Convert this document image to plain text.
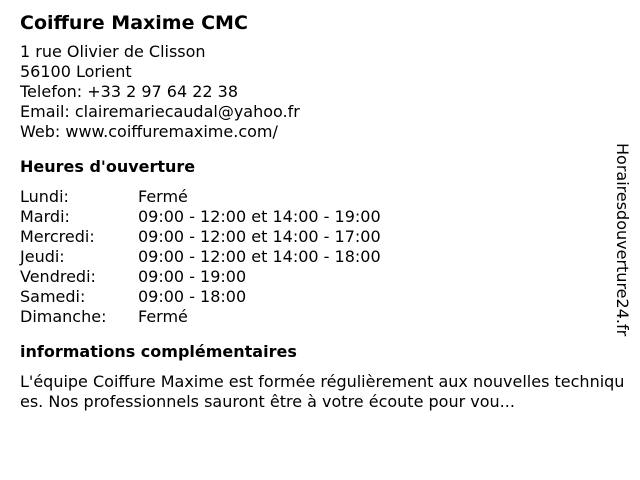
Coiffure Maxime CMC
1 rue Olivier de Clisson
56100 Lorient
Telefon: +33 2 97 64 22 38
Email: clairemariecaudal@yahoo.fr
Web: www.coiffuremaxime.com/
Heures d'ouverture
Lundi:	Fermé
Mardi:	09:00 - 12:00 et 14:00 - 19:00
Mercredi:	09:00 - 12:00 et 14:00 - 17:00
Jeudi:	09:00 - 12:00 et 14:00 - 18:00
Vendredi:	09:00 - 19:00
Samedi:	09:00 - 18:00
Dimanche:	Fermé
informations complémentaires

L'équipe Coiffure Maxime est formée régulièrement aux nouvelles techniques. Nos professionnels sauront être à votre écoute pour vou...

Horairesdouverture24.fr
